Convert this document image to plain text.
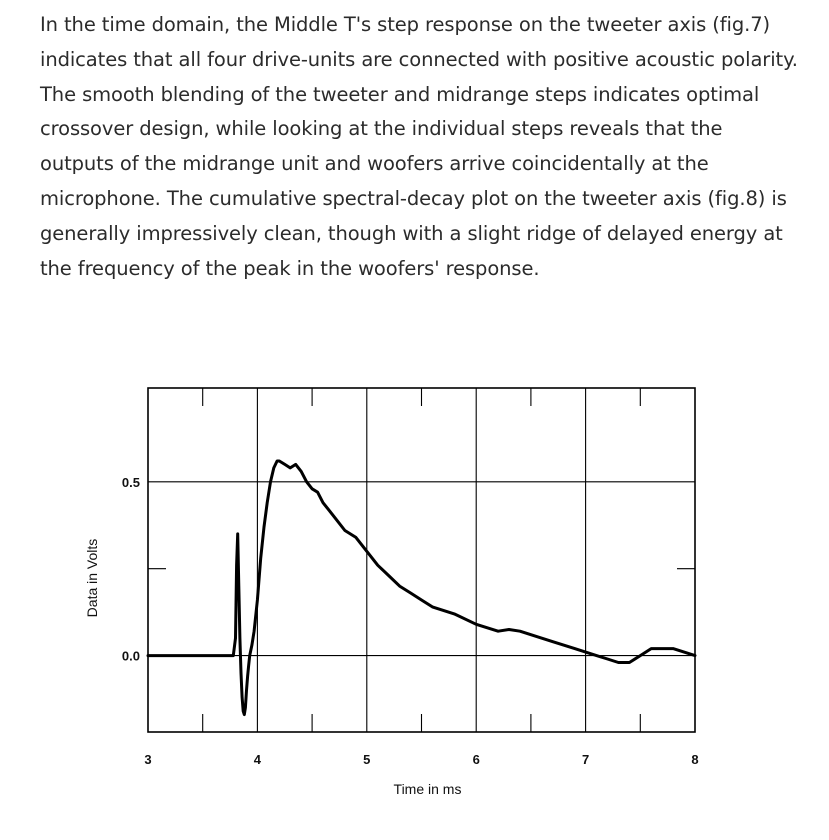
In the time domain, the Middle T's step response on the tweeter axis (fig.7) indicates that all four drive-units are connected with positive acoustic polarity. The smooth blending of the tweeter and midrange steps indicates optimal crossover design, while looking at the individual steps reveals that the outputs of the midrange unit and woofers arrive coincidentally at the microphone. The cumulative spectral-decay plot on the tweeter axis (fig.8) is generally impressively clean, though with a slight ridge of delayed energy at the frequency of the peak in the woofers' response.

3	4	5	6	7	8
0.0
0.5
Time in ms
Data in Volts
